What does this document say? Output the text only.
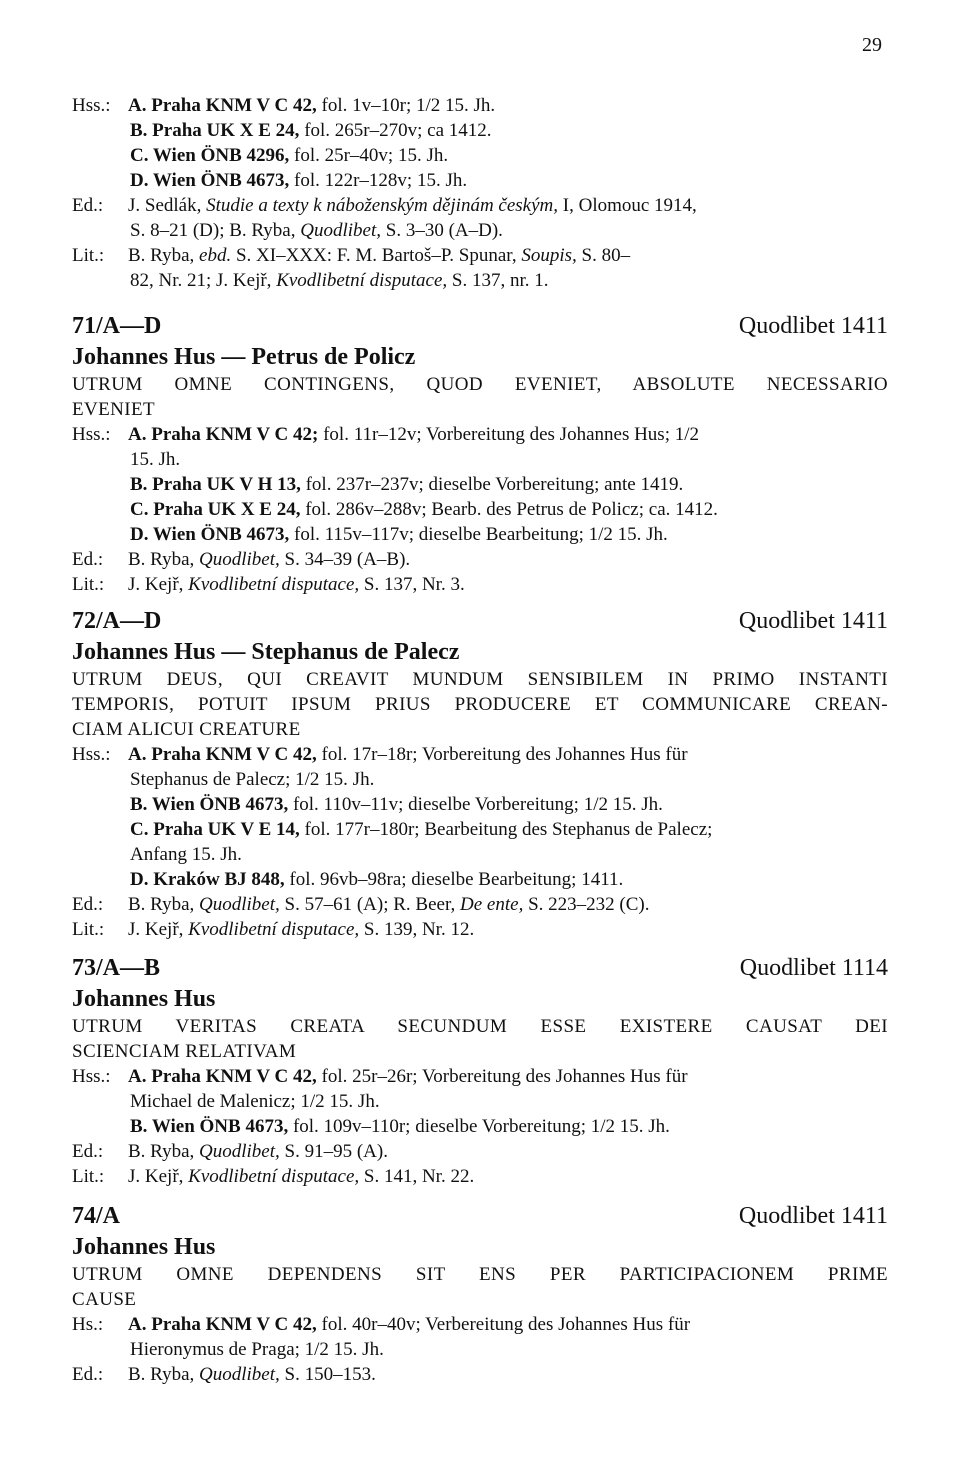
29
Hss.: A. Praha KNM V C 42, fol. 1v–10r; 1/2 15. Jh.
B. Praha UK X E 24, fol. 265r–270v; ca 1412.
C. Wien ÖNB 4296, fol. 25r–40v; 15. Jh.
D. Wien ÖNB 4673, fol. 122r–128v; 15. Jh.
Ed.: J. Sedlák, Studie a texty k náboženským dějinám českým, I, Olomouc 1914,
S. 8–21 (D); B. Ryba, Quodlibet, S. 3–30 (A–D).
Lit.: B. Ryba, ebd. S. XI–XXX: F. M. Bartoš–P. Spunar, Soupis, S. 80–
82, Nr. 21; J. Kejř, Kvodlibetní disputace, S. 137, nr. 1.
71/A—D	Quodlibet 1411
Johannes Hus — Petrus de Policz
UTRUM OMNE CONTINGENS, QUOD EVENIET, ABSOLUTE NECESSARIO
EVENIET
Hss.: A. Praha KNM V C 42; fol. 11r–12v; Vorbereitung des Johannes Hus; 1/2
15. Jh.
B. Praha UK V H 13, fol. 237r–237v; dieselbe Vorbereitung; ante 1419.
C. Praha UK X E 24, fol. 286v–288v; Bearb. des Petrus de Policz; ca. 1412.
D. Wien ÖNB 4673, fol. 115v–117v; dieselbe Bearbeitung; 1/2 15. Jh.
Ed.: B. Ryba, Quodlibet, S. 34–39 (A–B).
Lit.: J. Kejř, Kvodlibetní disputace, S. 137, Nr. 3.
72/A—D	Quodlibet 1411
Johannes Hus — Stephanus de Palecz
UTRUM DEUS, QUI CREAVIT MUNDUM SENSIBILEM IN PRIMO INSTANTI
TEMPORIS, POTUIT IPSUM PRIUS PRODUCERE ET COMMUNICARE CREAN-
CIAM ALICUI CREATURE
Hss.: A. Praha KNM V C 42, fol. 17r–18r; Vorbereitung des Johannes Hus für
Stephanus de Palecz; 1/2 15. Jh.
B. Wien ÖNB 4673, fol. 110v–11v; dieselbe Vorbereitung; 1/2 15. Jh.
C. Praha UK V E 14, fol. 177r–180r; Bearbeitung des Stephanus de Palecz;
Anfang 15. Jh.
D. Kraków BJ 848, fol. 96vb–98ra; dieselbe Bearbeitung; 1411.
Ed.: B. Ryba, Quodlibet, S. 57–61 (A); R. Beer, De ente, S. 223–232 (C).
Lit.: J. Kejř, Kvodlibetní disputace, S. 139, Nr. 12.
73/A—B	Quodlibet 1114
Johannes Hus
UTRUM VERITAS CREATA SECUNDUM ESSE EXISTERE CAUSAT DEI
SCIENCIAM RELATIVAM
Hss.: A. Praha KNM V C 42, fol. 25r–26r; Vorbereitung des Johannes Hus für
Michael de Malenicz; 1/2 15. Jh.
B. Wien ÖNB 4673, fol. 109v–110r; dieselbe Vorbereitung; 1/2 15. Jh.
Ed.: B. Ryba, Quodlibet, S. 91–95 (A).
Lit.: J. Kejř, Kvodlibetní disputace, S. 141, Nr. 22.
74/A	Quodlibet 1411
Johannes Hus
UTRUM OMNE DEPENDENS SIT ENS PER PARTICIPACIONEM PRIME
CAUSE
Hs.: A. Praha KNM V C 42, fol. 40r–40v; Verbereitung des Johannes Hus für
Hieronymus de Praga; 1/2 15. Jh.
Ed.: B. Ryba, Quodlibet, S. 150–153.
